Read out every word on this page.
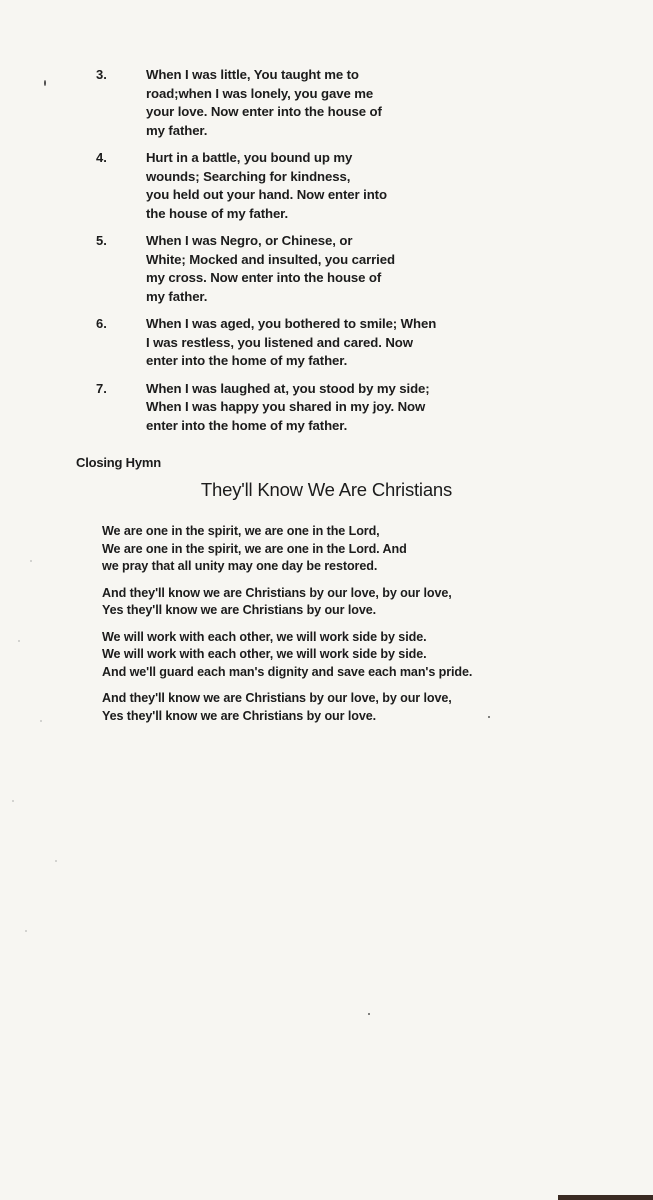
3.	When I was little, You taught me to
road;when I was lonely, you gave me
your love. Now enter into the house of
my father.
4.	Hurt in a battle, you bound up my
wounds; Searching for kindness,
you held out your hand. Now enter into
the house of my father.
5.	When I was Negro, or Chinese, or
White; Mocked and insulted, you carried
my cross. Now enter into the house of
my father.
6.	When I was aged, you bothered to smile; When
I was restless, you listened and cared. Now
enter into the home of my father.
7.	When I was laughed at, you stood by my side;
When I was happy you shared in my joy. Now
enter into the home of my father.
Closing Hymn
They'll Know We Are Christians
We are one in the spirit, we are one in the Lord,
We are one in the spirit, we are one in the Lord. And
we pray that all unity may one day be restored.
And they'll know we are Christians by our love, by our love,
Yes they'll know we are Christians by our love.
We will work with each other, we will work side by side.
We will work with each other, we will work side by side.
And we'll guard each man's dignity and save each man's pride.
And they'll know we are Christians by our love, by our love,
Yes they'll know we are Christians by our love.
